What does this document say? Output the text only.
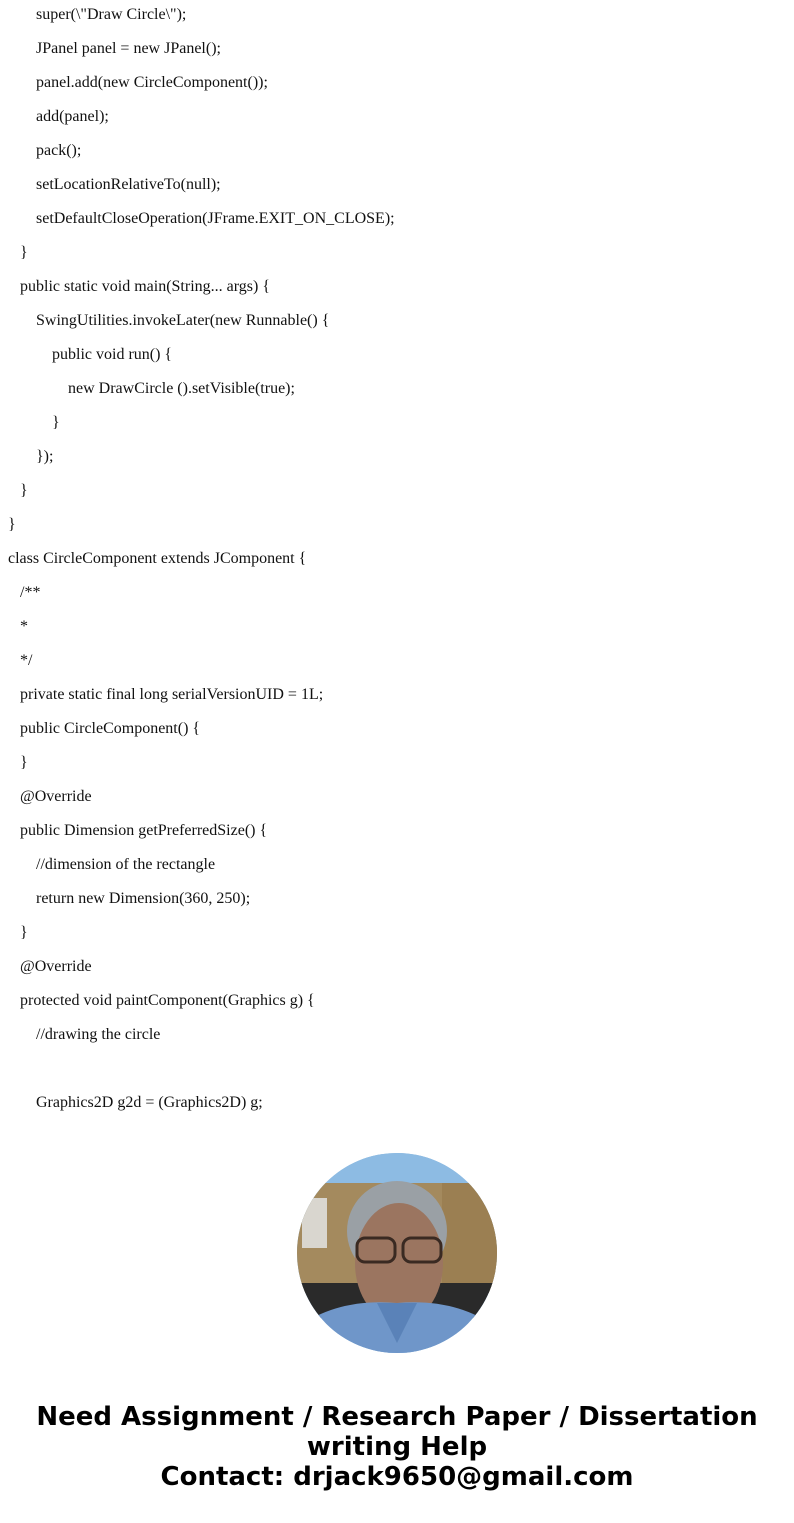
super(\"Draw Circle\");
JPanel panel = new JPanel();
panel.add(new CircleComponent());
add(panel);
pack();
setLocationRelativeTo(null);
setDefaultCloseOperation(JFrame.EXIT_ON_CLOSE);
}
public static void main(String... args) {
SwingUtilities.invokeLater(new Runnable() {
public void run() {
new DrawCircle ().setVisible(true);
}
});
}
}
class CircleComponent extends JComponent {
/**
*
*/
private static final long serialVersionUID = 1L;
public CircleComponent() {
}
@Override
public Dimension getPreferredSize() {
//dimension of the rectangle
return new Dimension(360, 250);
}
@Override
protected void paintComponent(Graphics g) {
//drawing the circle
Graphics2D g2d = (Graphics2D) g;
Need Assignment / Research Paper / Dissertation
writing Help
Contact: drjack9650@gmail.com
